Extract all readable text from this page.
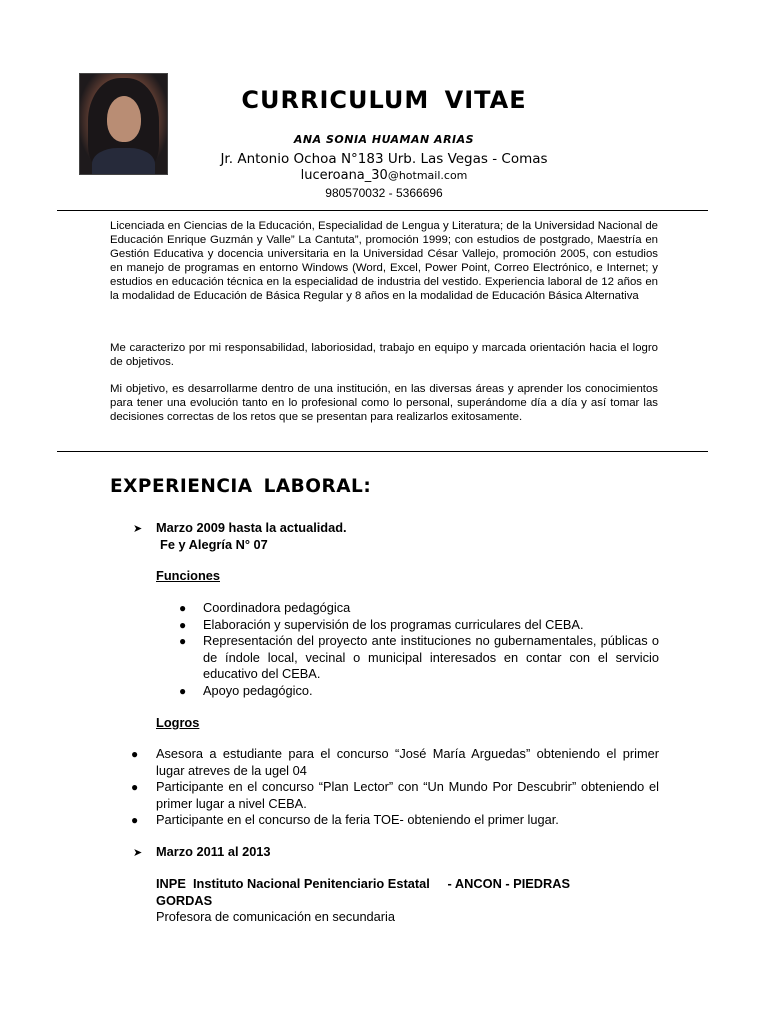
CURRICULUM VITAE
ANA SONIA HUAMAN ARIAS
Jr. Antonio Ochoa N°183 Urb. Las Vegas - Comas
luceroana_30@hotmail.com
980570032 - 5366696

Licenciada en Ciencias de la Educación, Especialidad de Lengua y Literatura; de la Universidad Nacional de Educación Enrique Guzmán y Valle” La Cantuta”, promoción 1999; con estudios de postgrado, Maestría en Gestión Educativa y docencia universitaria en la Universidad César Vallejo, promoción 2005, con estudios en manejo de programas en entorno Windows (Word, Excel, Power Point, Correo Electrónico, e Internet; y estudios en educación técnica en la especialidad de industria del vestido. Experiencia laboral de 12 años en la modalidad de Educación de Básica Regular y 8 años en la modalidad de Educación Básica Alternativa

Me caracterizo por mi responsabilidad, laboriosidad, trabajo en equipo y marcada orientación hacia el logro de objetivos.

Mi objetivo, es desarrollarme dentro de una institución, en las diversas áreas y aprender los conocimientos para tener una evolución tanto en lo profesional como lo personal, superándome día a día y así tomar las decisiones correctas de los retos que se presentan para realizarlos exitosamente.

EXPERIENCIA LABORAL:
➤ Marzo 2009 hasta la actualidad.
Fe y Alegría N° 07
Funciones
● Coordinadora pedagógica
● Elaboración y supervisión de los programas curriculares del CEBA.
● Representación del proyecto ante instituciones no gubernamentales, públicas o de índole local, vecinal o municipal interesados en contar con el servicio educativo del CEBA.
● Apoyo pedagógico.
Logros
● Asesora a estudiante para el concurso “José María Arguedas” obteniendo el primer lugar atreves de la ugel 04
● Participante en el concurso “Plan Lector” con “Un Mundo Por Descubrir” obteniendo el primer lugar a nivel CEBA.
● Participante en el concurso de la feria TOE- obteniendo el primer lugar.
➤ Marzo 2011 al 2013
INPE  Instituto Nacional Penitenciario Estatal     - ANCON - PIEDRAS GORDAS
Profesora de comunicación en secundaria
